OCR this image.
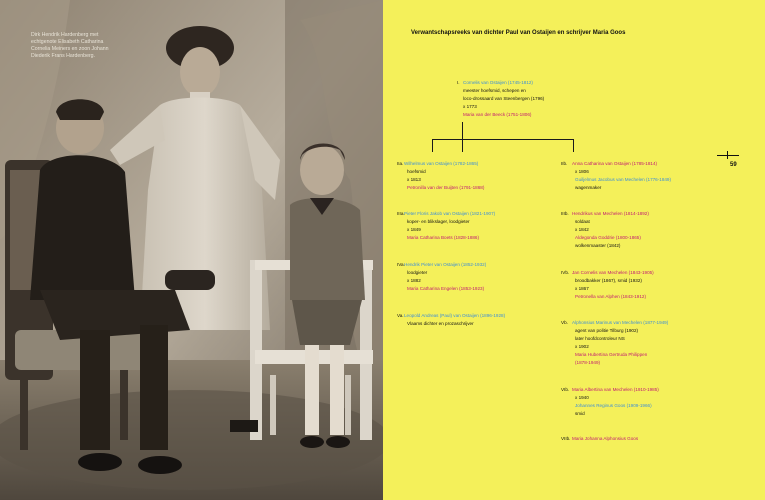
Dirk Hendrik Hardenberg met
echtgenote Elisabeth Catharina
Cornelia Meiners en zoon Johann
Diederik Frans Hardenberg.
Verwantschapsreeks van dichter Paul van Ostaijen en schrijver Maria Goos
59
I. Cornelis van Ostaijen (1745-1812)
meester hoefsmid, schepen en
loco-drossaard van Steenbergen (1796)
x 1773
Maria van der Beeck (1751-1806)
IIa. Wilhelmus van Ostaijen (1782-1865)
hoefsmid
x 1813
Petronilla van der Buijten (1791-1868)
IIIa. Pieter Floris Jakob van Ostaijen (1821-1907)
koper- en blikslager, loodgieter
x 1849
Maria Catharina Boets (1828-1886)
IVa. Hendrik Pieter van Ostaijen (1852-1932)
loodgieter
x 1882
Maria Catharina Engelen (1853-1923)
Va. Leopold Andreas (Paul) van Ostaijen (1896-1928)
Vlaams dichter en prozaschrijver
IIb. Anna Catharina van Ostaijen (1785-1814)
x 1806
Guiljelmus Jacobus van Mechelen (1776-1849)
wagenmaker
IIIb. Hendrikus van Mechelen (1814-1892)
soldaat
x 1842
Aldegonda Goddrie (1800-1865)
wolkenmaaster (1842)
IVb. Jan Cornelis van Mechelen (1843-1905)
broodbakker (1867), smid (1932)
x 1867
Petronella van Alphen (1843-1912)
Vb. Alphonsius Marinus van Mechelen (1877-1949)
agent van politie Tilburg (1902)
later hoofdcontroleur NS
x 1902
Maria Hubertina Gertruda Philippen
(1878-1949)
VIb. Maria Albertina van Mechelen (1910-1985)
x 1940
Johannes Reginus Goos (1909-1966)
smid
VIIb. Maria Johanna Alphonsius Goos
